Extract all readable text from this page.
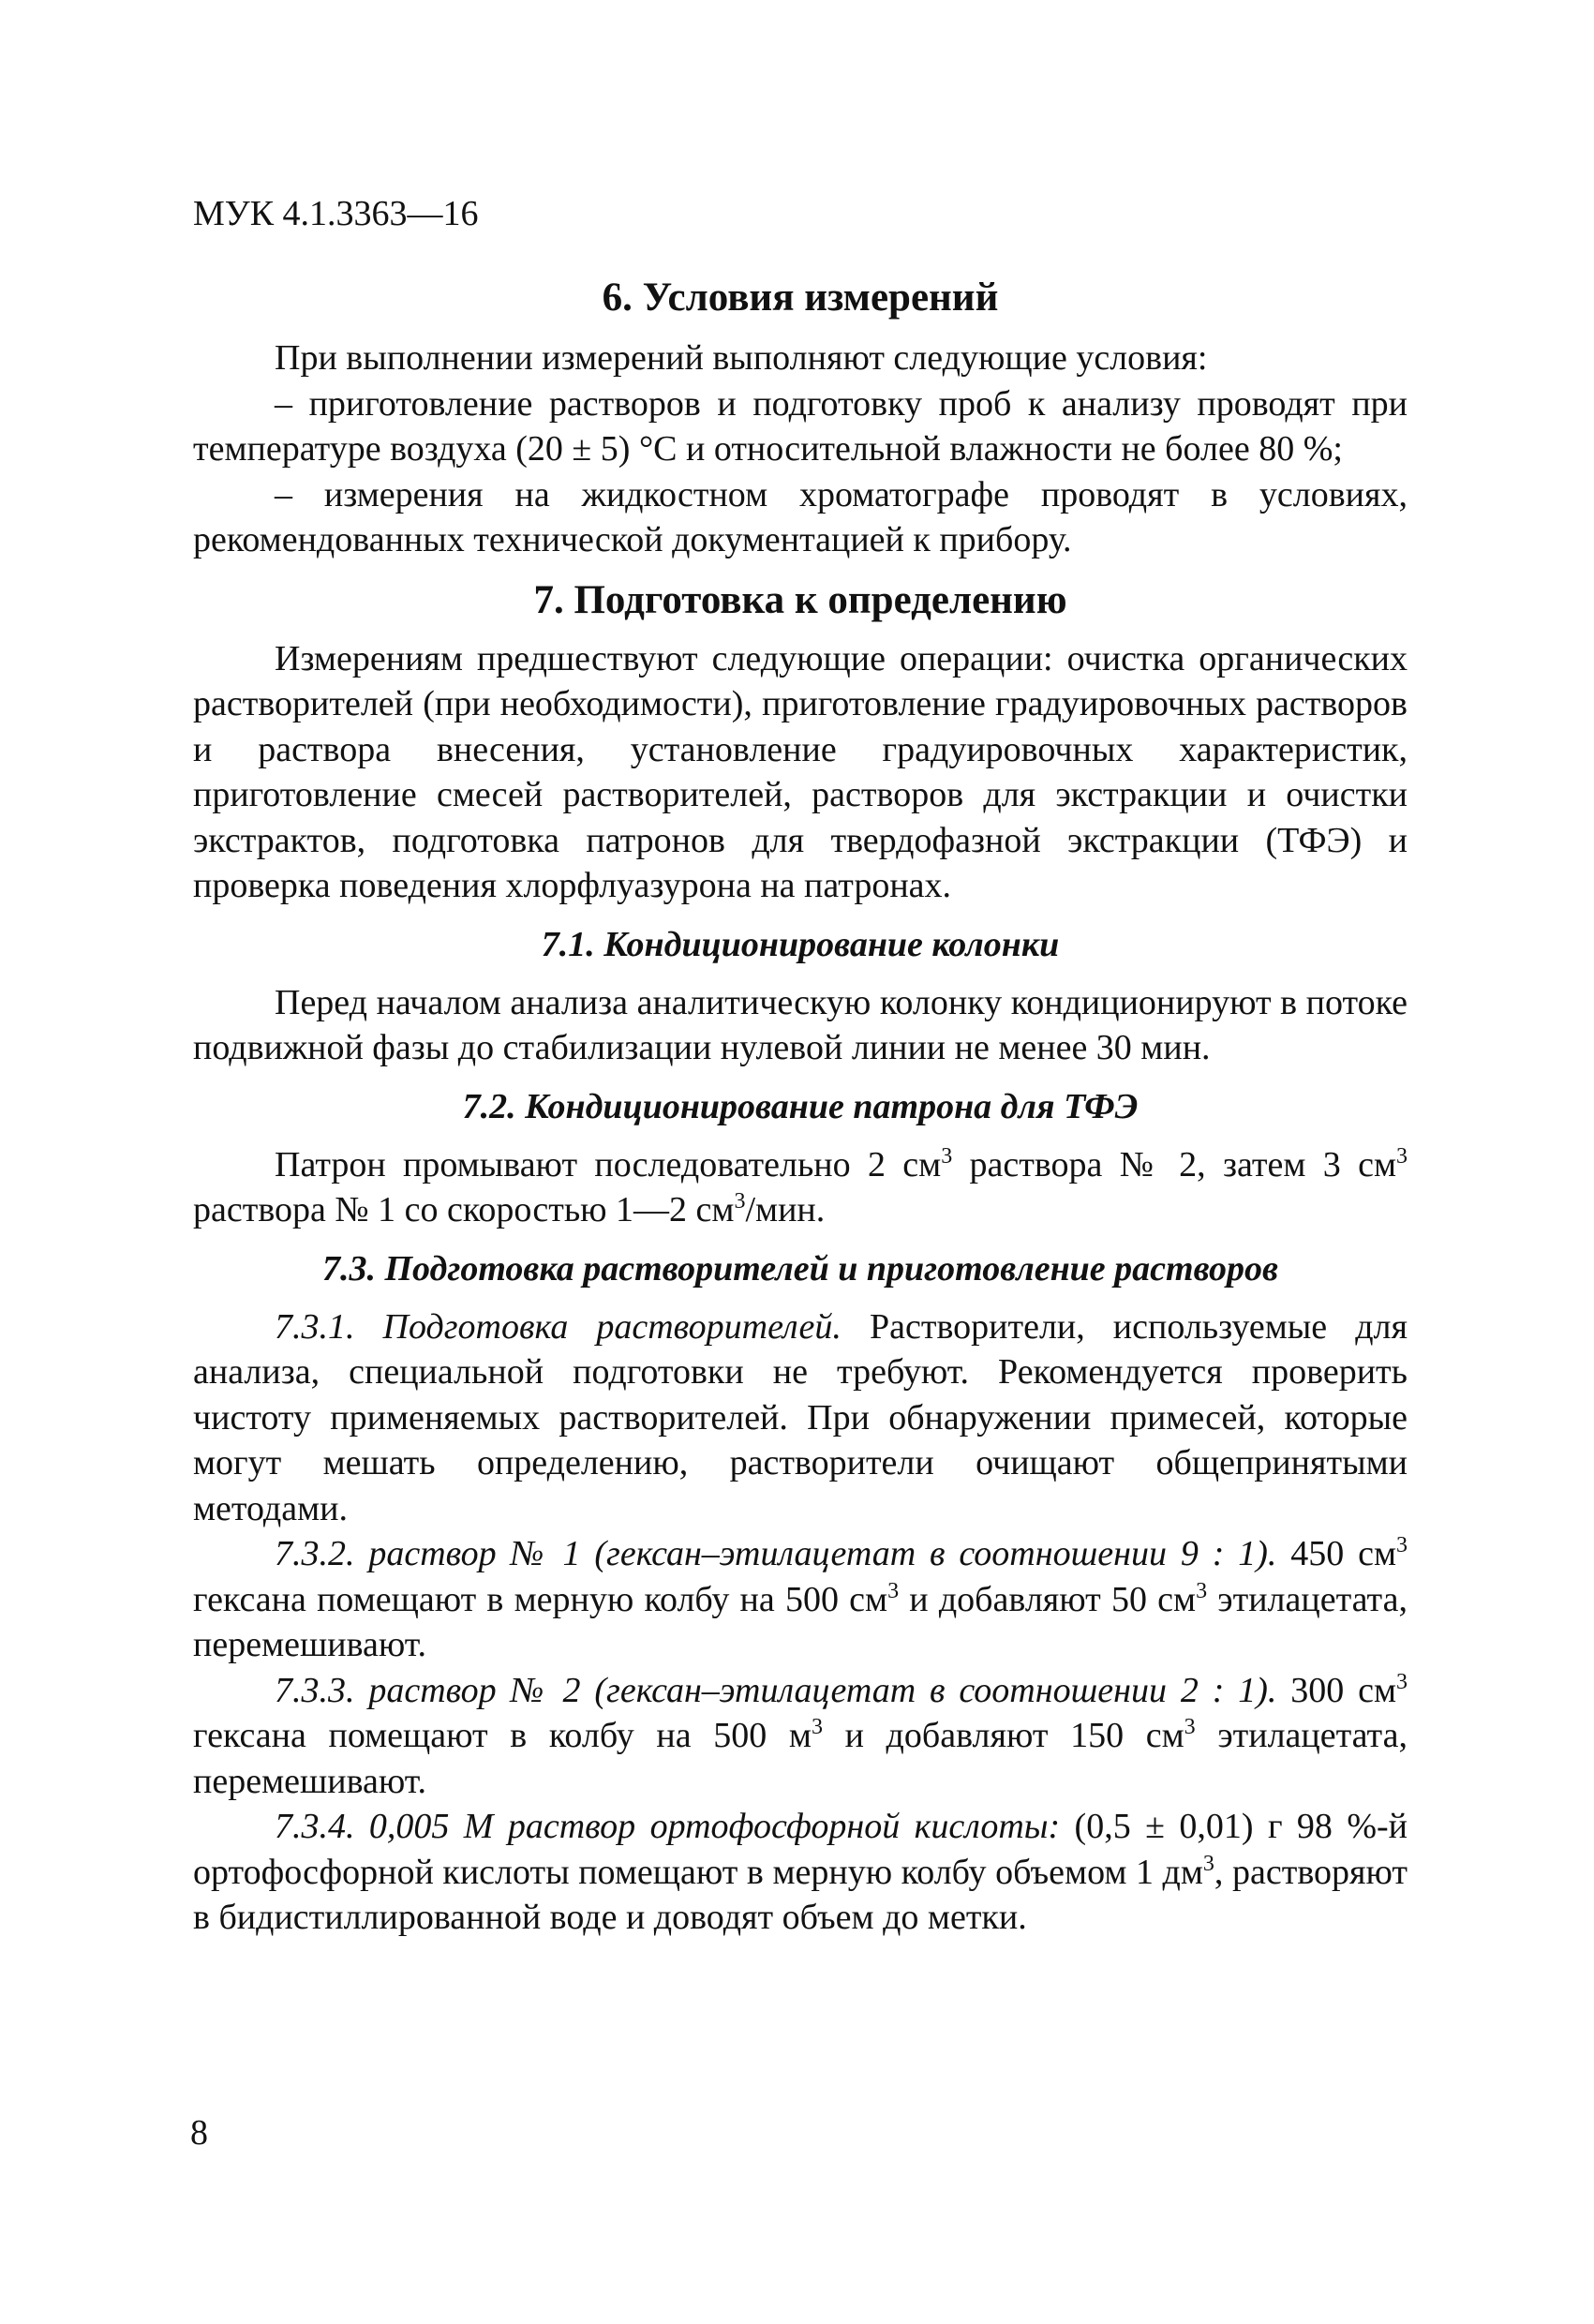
МУК 4.1.3363—16
6. Условия измерений

При выполнении измерений выполняют следующие условия:

– приготовление растворов и подготовку проб к анализу проводят при температуре воздуха (20 ± 5) °С и относительной влажности не более 80 %;

– измерения на жидкостном хроматографе проводят в условиях, рекомендованных технической документацией к прибору.

7. Подготовка к определению

Измерениям предшествуют следующие операции: очистка органических растворителей (при необходимости), приготовление градуировочных растворов и раствора внесения, установление градуировочных характеристик, приготовление смесей растворителей, растворов для экстракции и очистки экстрактов, подготовка патронов для твердофазной экстракции (ТФЭ) и проверка поведения хлорфлуазурона на патронах.

7.1. Кондиционирование колонки

Перед началом анализа аналитическую колонку кондиционируют в потоке подвижной фазы до стабилизации нулевой линии не менее 30 мин.

7.2. Кондиционирование патрона для ТФЭ

Патрон промывают последовательно 2 $см^3$ раствора № 2, затем 3 $см^3$ раствора № 1 со скоростью 1—2 $см^3$/мин.

7.3. Подготовка растворителей и приготовление растворов

7.3.1. Подготовка растворителей. Растворители, используемые для анализа, специальной подготовки не требуют. Рекомендуется проверить чистоту применяемых растворителей. При обнаружении примесей, которые могут мешать определению, растворители очищают общепринятыми методами.

7.3.2. раствор № 1 (гексан–этилацетат в соотношении 9 : 1). 450 $см^3$ гексана помещают в мерную колбу на 500 $см^3$ и добавляют 50 $см^3$ этилацетата, перемешивают.

7.3.3. раствор № 2 (гексан–этилацетат в соотношении 2 : 1). 300 $см^3$ гексана помещают в колбу на 500 $м^3$ и добавляют 150 $см^3$ этилацетата, перемешивают.

7.3.4. 0,005 М раствор ортофосфорной кислоты: (0,5 ± 0,01) г 98 %-й ортофосфорной кислоты помещают в мерную колбу объемом 1 $дм^3$, растворяют в бидистиллированной воде и доводят объем до метки.

8
